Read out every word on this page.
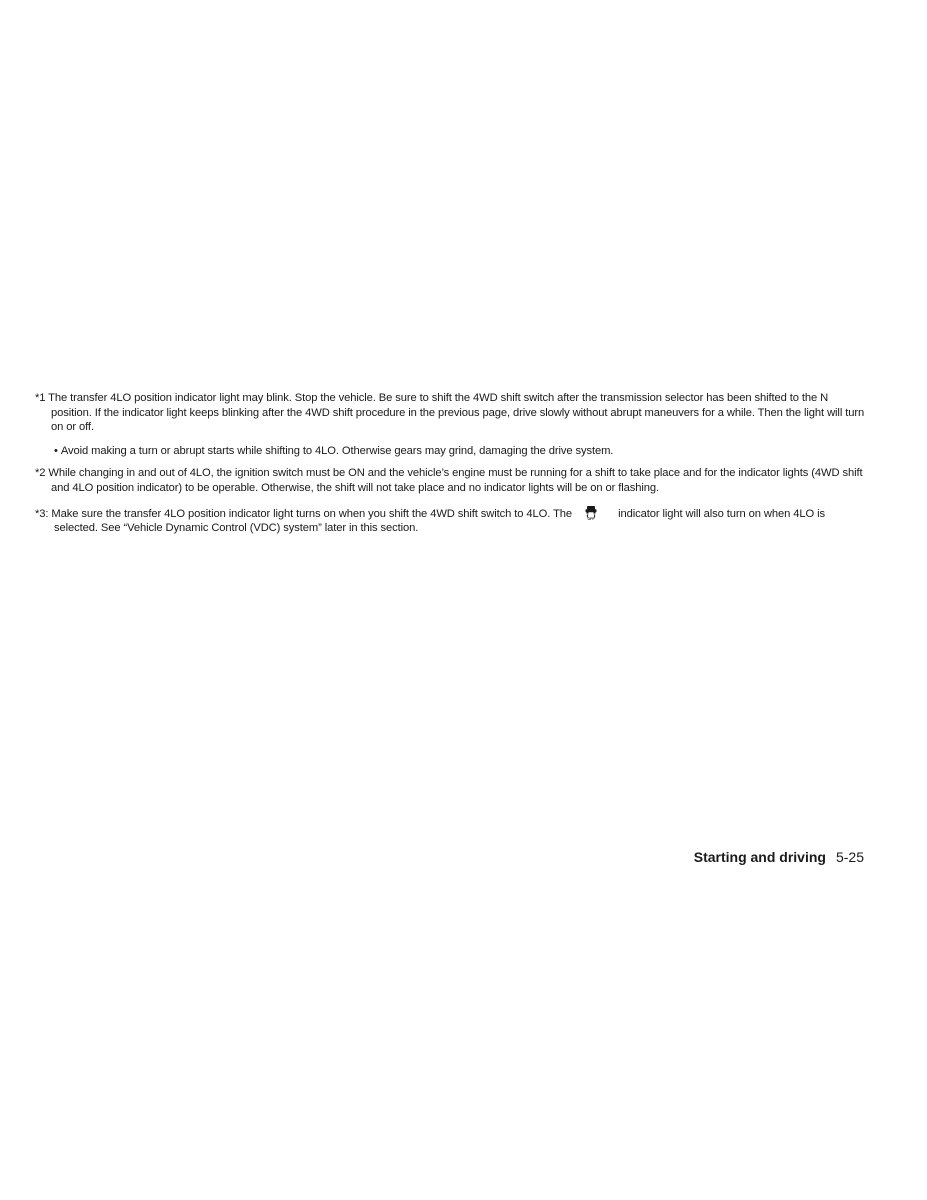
*1 The transfer 4LO position indicator light may blink. Stop the vehicle. Be sure to shift the 4WD shift switch after the transmission selector has been shifted to the N position. If the indicator light keeps blinking after the 4WD shift procedure in the previous page, drive slowly without abrupt maneuvers for a while. Then the light will turn on or off.

• Avoid making a turn or abrupt starts while shifting to 4LO. Otherwise gears may grind, damaging the drive system.

*2 While changing in and out of 4LO, the ignition switch must be ON and the vehicle’s engine must be running for a shift to take place and for the indicator lights (4WD shift and 4LO position indicator) to be operable. Otherwise, the shift will not take place and no indicator lights will be on or flashing.

*3: Make sure the transfer 4LO position indicator light turns on when you shift the 4WD shift switch to 4LO. The	OFF indicator light will also turn on when 4LO is selected. See “Vehicle Dynamic Control (VDC) system” later in this section.

Starting and driving 5-25
